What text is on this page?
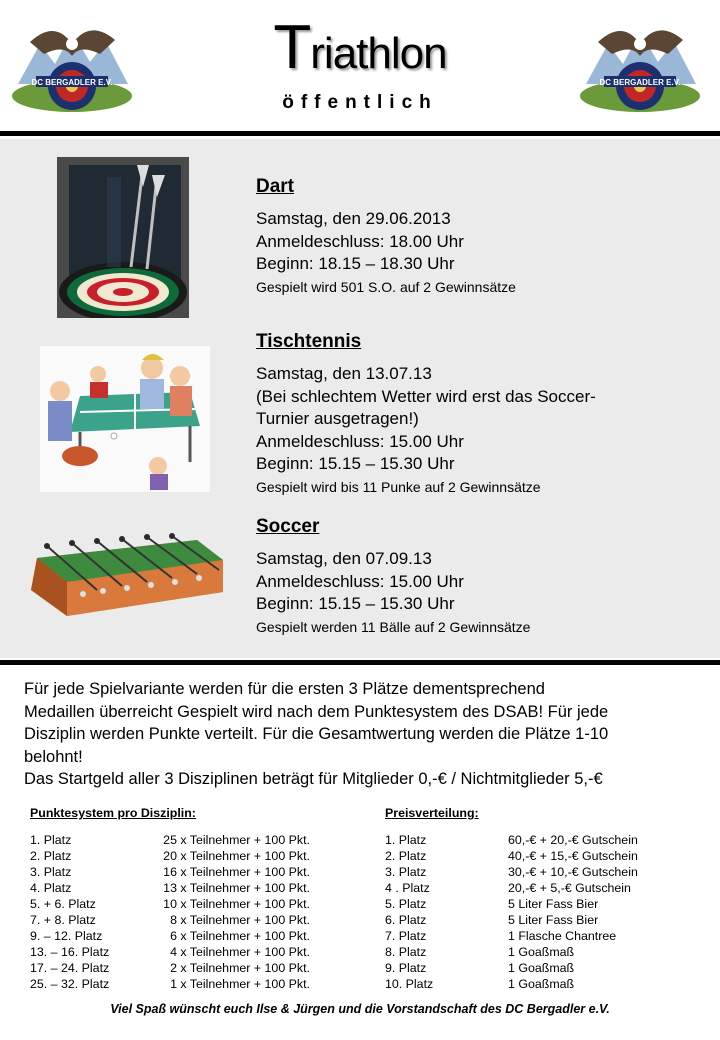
DC BERGADLER E.V.	DC BERGADLER E.V.
Triathlon
öffentlich
Dart
Samstag, den 29.06.2013
Anmeldeschluss: 18.00 Uhr
Beginn: 18.15 – 18.30 Uhr
Gespielt wird 501 S.O. auf 2 Gewinnsätze
Tischtennis
Samstag, den 13.07.13
(Bei schlechtem Wetter wird erst das Soccer-
Turnier ausgetragen!)
Anmeldeschluss: 15.00 Uhr
Beginn: 15.15 – 15.30 Uhr
Gespielt wird bis 11 Punke auf 2 Gewinnsätze
Soccer
Samstag, den 07.09.13
Anmeldeschluss: 15.00 Uhr
Beginn: 15.15 – 15.30 Uhr
Gespielt werden 11 Bälle auf 2 Gewinnsätze
Für jede Spielvariante werden für die ersten 3 Plätze dementsprechend
Medaillen überreicht Gespielt wird nach dem Punktesystem des DSAB! Für jede
Disziplin werden Punkte verteilt. Für die Gesamtwertung werden die Plätze 1-10
belohnt!
Das Startgeld aller 3 Disziplinen beträgt für Mitglieder 0,-€ / Nichtmitglieder 5,-€
Punktesystem pro Disziplin:
1. Platz	25 x Teilnehmer + 100 Pkt.
2. Platz	20 x Teilnehmer + 100 Pkt.
3. Platz	16 x Teilnehmer + 100 Pkt.
4. Platz	13 x Teilnehmer + 100 Pkt.
5. + 6. Platz	10 x Teilnehmer + 100 Pkt.
7. + 8. Platz	8 x Teilnehmer + 100 Pkt.
9. – 12. Platz	6 x Teilnehmer + 100 Pkt.
13. – 16. Platz	4 x Teilnehmer + 100 Pkt.
17. – 24. Platz	2 x Teilnehmer + 100 Pkt.
25. – 32. Platz	1 x Teilnehmer + 100 Pkt.
Preisverteilung:
1. Platz	60,-€ + 20,-€ Gutschein
2. Platz	40,-€ + 15,-€ Gutschein
3. Platz	30,-€ + 10,-€ Gutschein
4 . Platz	20,-€ + 5,-€ Gutschein
5. Platz	5 Liter Fass Bier
6. Platz	5 Liter Fass Bier
7. Platz	1 Flasche Chantree
8. Platz	1 Goaßmaß
9. Platz	1 Goaßmaß
10. Platz	1 Goaßmaß
Viel Spaß wünscht euch Ilse & Jürgen und die Vorstandschaft des DC Bergadler e.V.
